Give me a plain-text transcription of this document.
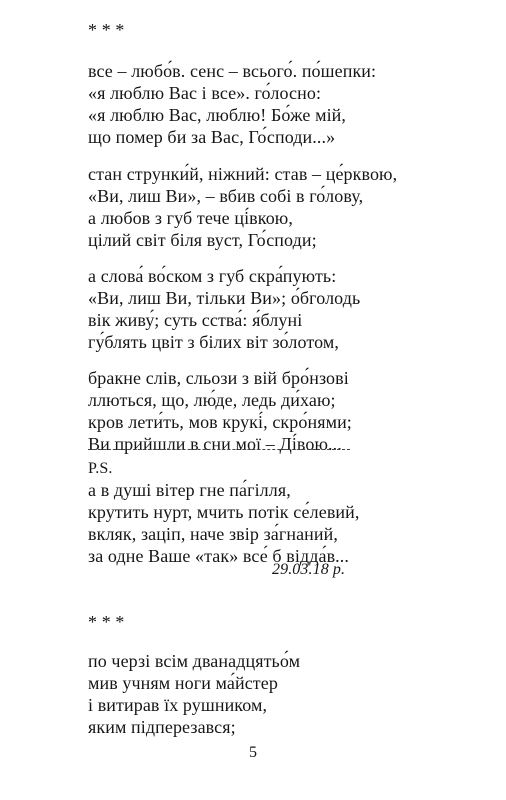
* * *
все – любо́в. сенс – всього́. по́шепки:
«я люблю Вас і все». го́лосно:
«я люблю Вас, люблю! Бо́же мій,
що помер би за Вас, Го́споди...»
стан струнки́й, ніжний: став – це́рквою,
«Ви, лиш Ви», – вбив собі в го́лову,
а любов з губ тече ці́вкою,
цілий світ біля вуст, Го́споди;
а слова́ во́ском з губ скра́пують:
«Ви, лиш Ви, тільки Ви»; о́бголодь
вік живу́; суть сства́: я́блуні
гу́блять цвіт з білих віт зо́лотом,
бракне слів, сльози з вій бро́нзові
ллються, що, лю́де, ледь ди́хаю;
кров лети́ть, мов крукі́, скро́нями;
Ви прийшли в сни мої – Ді́вою...
P.S.
а в душі вітер гне па́гілля,
крутить нурт, мчить потік се́левий,
вкляк, заціп, наче звір за́гнаний,
за одне Ваше «так» все́ б відда́в...
29.03.18 р.
* * *
по черзі всім дванадцятьо́м
мив учням ноги ма́йстер
і витирав їх рушником,
яким підперезався;
5
